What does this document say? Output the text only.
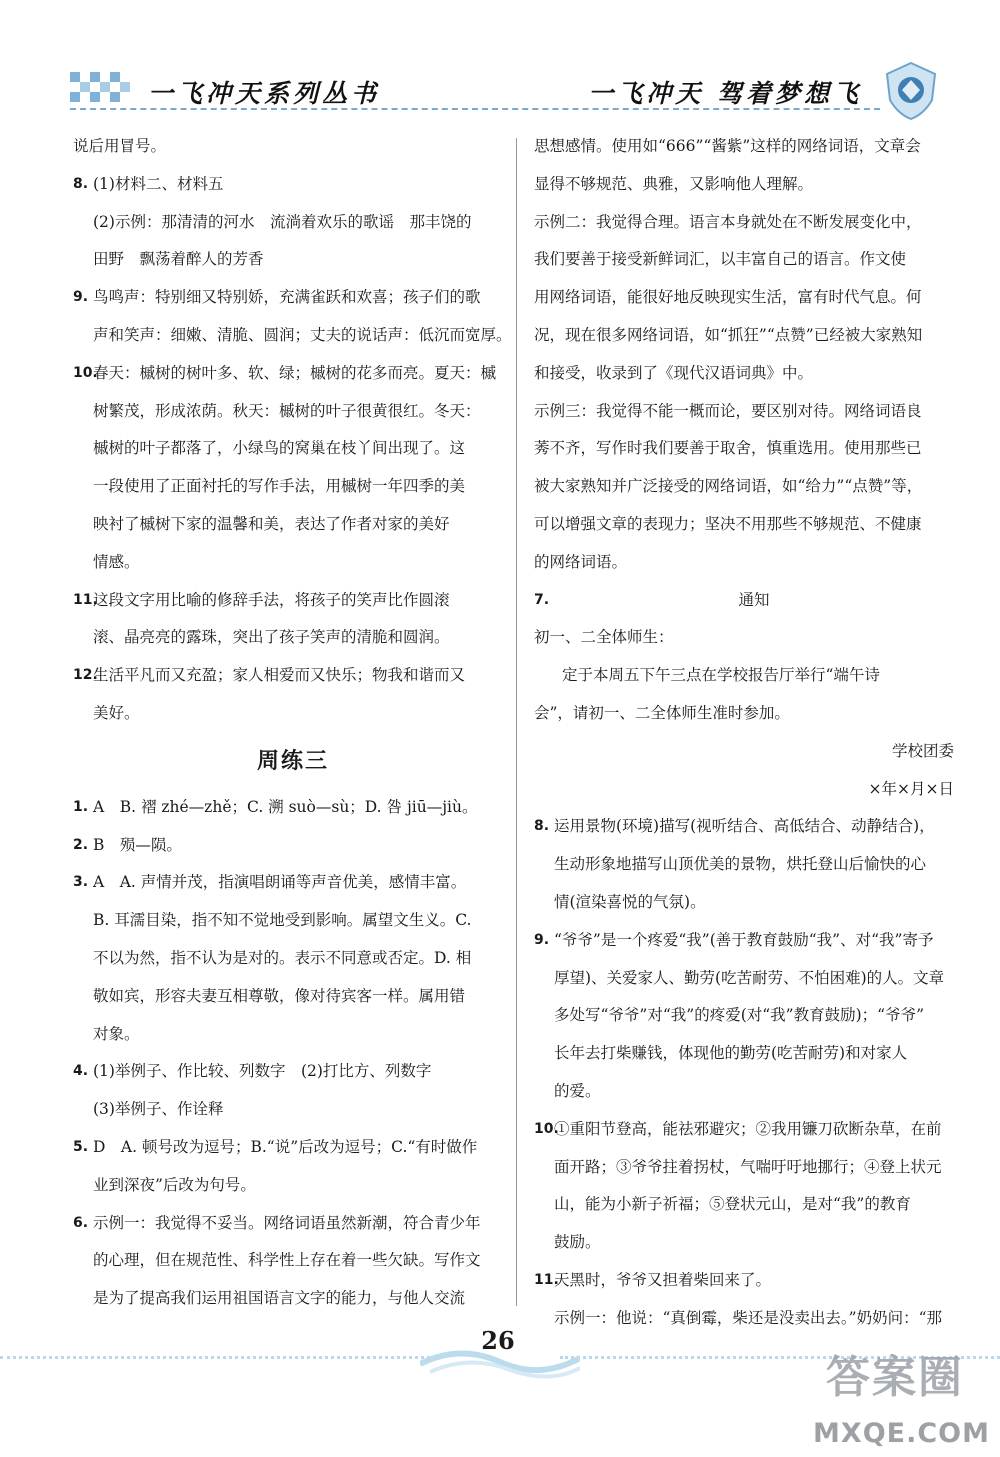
一飞冲天系列丛书	一飞冲天 驾着梦想飞
说后用冒号。
8. (1)材料二、材料五
(2)示例：那清清的河水　流淌着欢乐的歌谣　那丰饶的
田野　飘荡着醉人的芳香
9. 鸟鸣声：特别细又特别娇，充满雀跃和欢喜；孩子们的歌
声和笑声：细嫩、清脆、圆润；丈夫的说话声：低沉而宽厚。
10.
春天：槭树的树叶多、软、绿；槭树的花多而亮。夏天：槭
树繁茂，形成浓荫。秋天：槭树的叶子很黄很红。冬天：
槭树的叶子都落了，小绿鸟的窝巢在枝丫间出现了。这
一段使用了正面衬托的写作手法，用槭树一年四季的美
映衬了槭树下家的温馨和美，表达了作者对家的美好
情感。
11.
这段文字用比喻的修辞手法，将孩子的笑声比作圆滚
滚、晶亮亮的露珠，突出了孩子笑声的清脆和圆润。
12.
生活平凡而又充盈；家人相爱而又快乐；物我和谐而又
美好。
周练三
1. A　B. 褶 zhé—zhě；C. 溯 suò—sù；D. 咎 jiū—jiù。
2. B　殒—陨。
3. A　A. 声情并茂，指演唱朗诵等声音优美，感情丰富。
B. 耳濡目染，指不知不觉地受到影响。属望文生义。C.
不以为然，指不认为是对的。表示不同意或否定。D. 相
敬如宾，形容夫妻互相尊敬，像对待宾客一样。属用错
对象。
4. (1)举例子、作比较、列数字　(2)打比方、列数字
(3)举例子、作诠释
5. D　A. 顿号改为逗号；B.“说”后改为逗号；C.“有时做作
业到深夜”后改为句号。
6. 示例一：我觉得不妥当。网络词语虽然新潮，符合青少年
的心理，但在规范性、科学性上存在着一些欠缺。写作文
是为了提高我们运用祖国语言文字的能力，与他人交流
思想感情。使用如“666”“酱紫”这样的网络词语，文章会
显得不够规范、典雅，又影响他人理解。
示例二：我觉得合理。语言本身就处在不断发展变化中，
我们要善于接受新鲜词汇，以丰富自己的语言。作文使
用网络词语，能很好地反映现实生活，富有时代气息。何
况，现在很多网络词语，如“抓狂”“点赞”已经被大家熟知
和接受，收录到了《现代汉语词典》中。
示例三：我觉得不能一概而论，要区别对待。网络词语良
莠不齐，写作时我们要善于取舍，慎重选用。使用那些已
被大家熟知并广泛接受的网络词语，如“给力”“点赞”等，
可以增强文章的表现力；坚决不用那些不够规范、不健康
的网络词语。
7.	通知
初一、二全体师生：
定于本周五下午三点在学校报告厅举行“端午诗
会”，请初一、二全体师生准时参加。
学校团委
×年×月×日
8. 运用景物(环境)描写(视听结合、高低结合、动静结合)，
生动形象地描写山顶优美的景物，烘托登山后愉快的心
情(渲染喜悦的气氛)。
9. “爷爷”是一个疼爱“我”(善于教育鼓励“我”、对“我”寄予
厚望)、关爱家人、勤劳(吃苦耐劳、不怕困难)的人。文章
多处写“爷爷”对“我”的疼爱(对“我”教育鼓励)；“爷爷”
长年去打柴赚钱，体现他的勤劳(吃苦耐劳)和对家人
的爱。
10.
①重阳节登高，能祛邪避灾；②我用镰刀砍断杂草，在前
面开路；③爷爷拄着拐杖，气喘吁吁地挪行；④登上状元
山，能为小新子祈福；⑤登状元山，是对“我”的教育
鼓励。
11.
天黑时，爷爷又担着柴回来了。
示例一：他说：“真倒霉，柴还是没卖出去。”奶奶问：“那
26
答案圈
MXQE.COM
